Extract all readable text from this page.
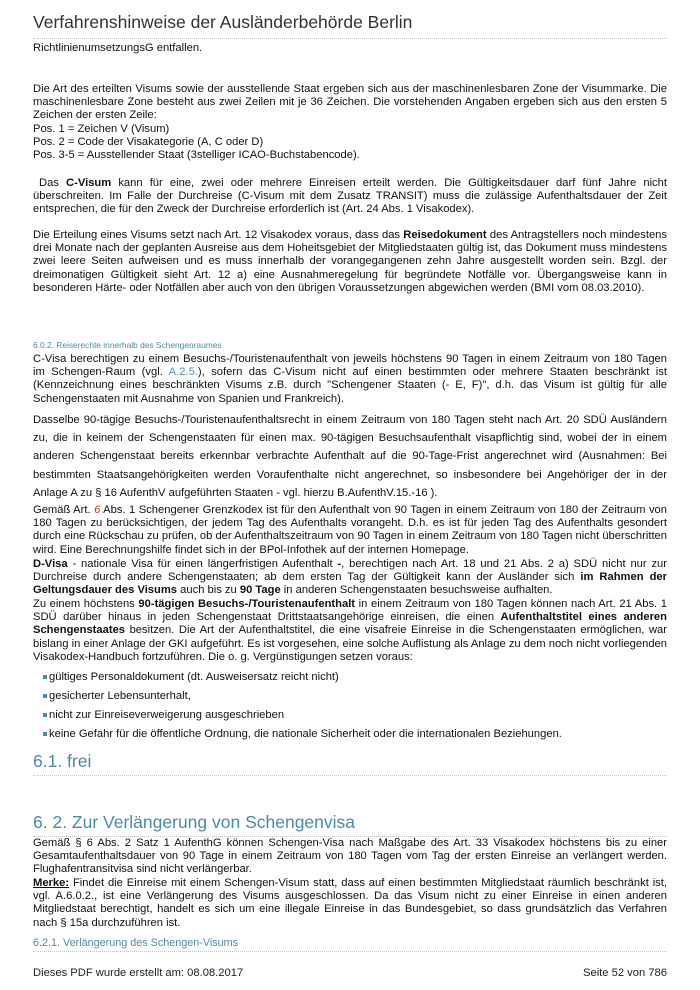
Verfahrenshinweise der Ausländerbehörde Berlin
RichtlinienumsetzungsG entfallen.

Die Art des erteilten Visums sowie der ausstellende Staat ergeben sich aus der maschinenlesbaren Zone der Visummarke. Die maschinenlesbare Zone besteht aus zwei Zeilen mit je 36 Zeichen. Die vorstehenden Angaben ergeben sich aus den ersten 5 Zeichen der ersten Zeile:

Pos. 1 = Zeichen V (Visum)

Pos. 2 = Code der Visakategorie (A, C oder D)

Pos. 3-5 = Ausstellender Staat (3stelliger ICAO-Buchstabencode).

Das C-Visum kann für eine, zwei oder mehrere Einreisen erteilt werden. Die Gültigkeitsdauer darf fünf Jahre nicht überschreiten. Im Falle der Durchreise (C-Visum mit dem Zusatz TRANSIT) muss die zulässige Aufenthaltsdauer der Zeit entsprechen, die für den Zweck der Durchreise erforderlich ist (Art. 24 Abs. 1 Visakodex).
Die Erteilung eines Visums setzt nach Art. 12 Visakodex voraus, dass das Reisedokument des Antragstellers noch mindestens drei Monate nach der geplanten Ausreise aus dem Hoheitsgebiet der Mitgliedstaaten gültig ist, das Dokument muss mindestens zwei leere Seiten aufweisen und es muss innerhalb der vorangegangenen zehn Jahre ausgestellt worden sein. Bzgl. der dreimonatigen Gültigkeit sieht Art. 12 a) eine Ausnahmeregelung für begründete Notfälle vor. Übergangsweise kann in besonderen Härte- oder Notfällen aber auch von den übrigen Voraussetzungen abgewichen werden (BMI vom 08.03.2010).
6.0.2. Reiserechte innerhalb des Schengenraumes
C-Visa berechtigen zu einem Besuchs-/Touristenaufenthalt von jeweils höchstens 90 Tagen in einem Zeitraum von 180 Tagen im Schengen-Raum (vgl. A.2.5.), sofern das C-Visum nicht auf einen bestimmten oder mehrere Staaten beschränkt ist (Kennzeichnung eines beschränkten Visums z.B. durch "Schengener Staaten (- E, F)", d.h. das Visum ist gültig für alle Schengenstaaten mit Ausnahme von Spanien und Frankreich).
Dasselbe 90-tägige Besuchs-/Touristenaufenthaltsrecht in einem Zeitraum von 180 Tagen steht nach Art. 20 SDÜ Ausländern zu, die in keinem der Schengenstaaten für einen max. 90-tägigen Besuchsaufenthalt visapflichtig sind, wobei der in einem anderen Schengenstaat bereits erkennbar verbrachte Aufenthalt auf die 90-Tage-Frist angerechnet wird (Ausnahmen: Bei bestimmten Staatsangehörigkeiten werden Voraufenthalte nicht angerechnet, so insbesondere bei Angehöriger der in der Anlage A zu § 16 AufenthV aufgeführten Staaten - vgl. hierzu B.AufenthV.15.-16 ).
Gemäß Art. 6 Abs. 1 Schengener Grenzkodex ist für den Aufenthalt von 90 Tagen in einem Zeitraum von 180 der Zeitraum von 180 Tagen zu berücksichtigen, der jedem Tag des Aufenthalts vorangeht. D.h. es ist für jeden Tag des Aufenthalts gesondert durch eine Rückschau zu prüfen, ob der Aufenthaltszeitraum von 90 Tagen in einem Zeitraum von 180 Tagen nicht überschritten wird. Eine Berechnungshilfe findet sich in der BPol-Infothek auf der internen Homepage.
D-Visa - nationale Visa für einen längerfristigen Aufenthalt -, berechtigen nach Art. 18 und 21 Abs. 2 a) SDÜ nicht nur zur Durchreise durch andere Schengenstaaten; ab dem ersten Tag der Gültigkeit kann der Ausländer sich im Rahmen der Geltungsdauer des Visums auch bis zu 90 Tage in anderen Schengenstaaten besuchsweise aufhalten.
Zu einem höchstens 90-tägigen Besuchs-/Touristenaufenthalt in einem Zeitraum von 180 Tagen können nach Art. 21 Abs. 1 SDÜ darüber hinaus in jeden Schengenstaat Drittstaatsangehörige einreisen, die einen Aufenthaltstitel eines anderen Schengenstaates besitzen. Die Art der Aufenthaltstitel, die eine visafreie Einreise in die Schengenstaaten ermöglichen, war bislang in einer Anlage der GKI aufgeführt. Es ist vorgesehen, eine solche Auflistung als Anlage zu dem noch nicht vorliegenden Visakodex-Handbuch fortzuführen. Die o. g. Vergünstigungen setzen voraus:
gültiges Personaldokument (dt. Ausweisersatz reicht nicht)
gesicherter Lebensunterhalt,
nicht zur Einreiseverweigerung ausgeschrieben
keine Gefahr für die öffentliche Ordnung, die nationale Sicherheit oder die internationalen Beziehungen.
6.1. frei
6. 2. Zur Verlängerung von Schengenvisa
Gemäß § 6 Abs. 2 Satz 1 AufenthG können Schengen-Visa nach Maßgabe des Art. 33 Visakodex höchstens bis zu einer Gesamtaufenthaltsdauer von 90 Tage in einem Zeitraum von 180 Tagen vom Tag der ersten Einreise an verlängert werden. Flughafentransitvisa sind nicht verlängerbar.
Merke: Findet die Einreise mit einem Schengen-Visum statt, dass auf einen bestimmten Mitgliedstaat räumlich beschränkt ist, vgl. A.6.0.2., ist eine Verlängerung des Visums ausgeschlossen. Da das Visum nicht zu einer Einreise in einen anderen Mitgliedstaat berechtigt, handelt es sich um eine illegale Einreise in das Bundesgebiet, so dass grundsätzlich das Verfahren nach § 15a durchzuführen ist.
6.2.1. Verlängerung des Schengen-Visums
Dieses PDF wurde erstellt am: 08.08.2017	Seite 52 von 786
